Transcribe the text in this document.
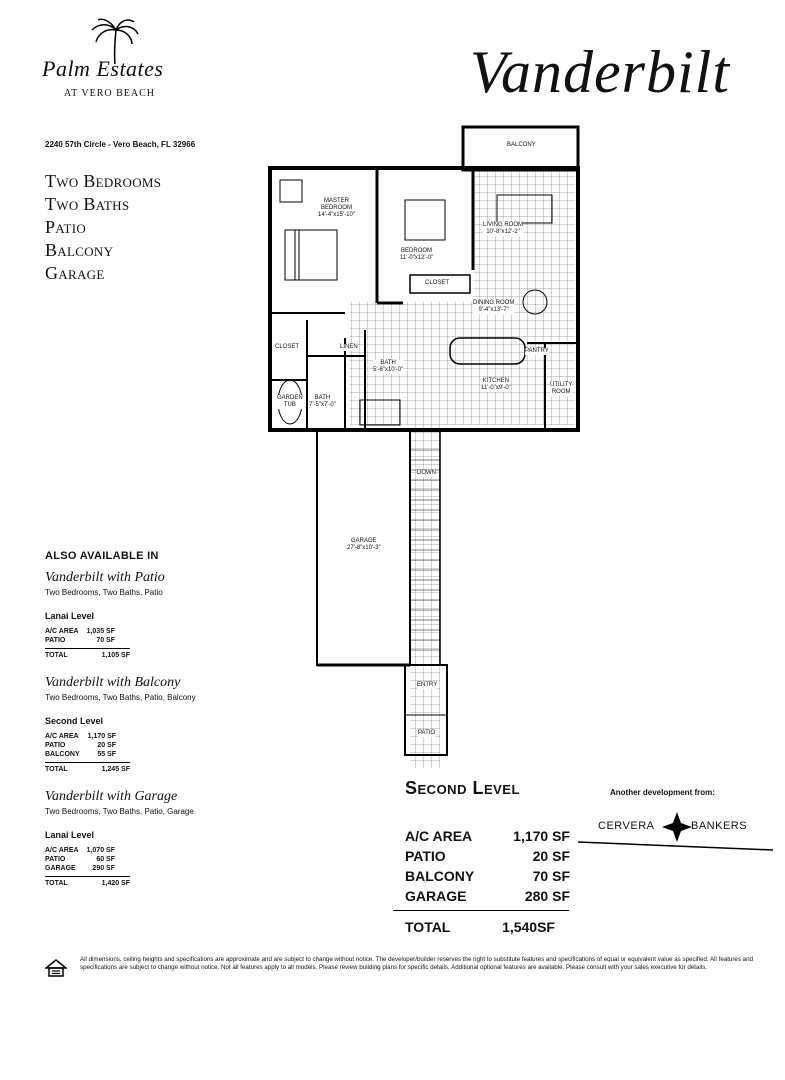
Palm Estates
AT VERO BEACH	Vanderbilt
2240 57th Circle - Vero Beach, FL 32966
Two Bedrooms
Two Baths
Patio
Balcony
Garage
BALCONY
MASTER
BEDROOM
14'-4"x15'-10"
LIVING ROOM
10'-8"x12'-2"
BEDROOM
11'-0"x12'-0"
CLOSET
DINING ROOM
9'-4"x13'-7"
CLOSET	LINEN
PANTRY
BATH
5'-6"x10'-0"
KITCHEN
11'-0"x9'-0"	UTILITY
ROOM
GARDEN
TUB
BATH
7'-5"x7'-0"
DOWN
GARAGE
27'-8"x10'-3"
ENTRY
PATIO
ALSO AVAILABLE IN
Vanderbilt with Patio
Two Bedrooms, Two Baths, Patio
Lanai Level
A/C AREA	1,035 SF
PATIO	70 SF
TOTAL	1,105 SF
Vanderbilt with Balcony
Two Bedrooms, Two Baths, Patio, Balcony
Second Level
A/C AREA	1,170 SF
PATIO	20 SF
BALCONY	55 SF
TOTAL	1,245 SF
Vanderbilt with Garage
Two Bedrooms, Two Baths, Patio, Garage
Lanai Level
A/C AREA	1,070 SF
PATIO	60 SF
GARAGE	290 SF
TOTAL	1,420 SF
Second Level
A/C AREA	1,170 SF
PATIO	20 SF
BALCONY	70 SF
GARAGE	280 SF
TOTAL	1,540SF
Another development from:
CERVERA	BANKERS
All dimensions, ceiling heights and specifications are approximate and are subject to change without notice. The developer/builder reserves the right to substitute features and specifications of equal or equivalent value as specified. All features and specifications are subject to change without notice. Not all features apply to all models. Please review building plans for specific details. Additional optional features are available. Please consult with your sales executive for details.
